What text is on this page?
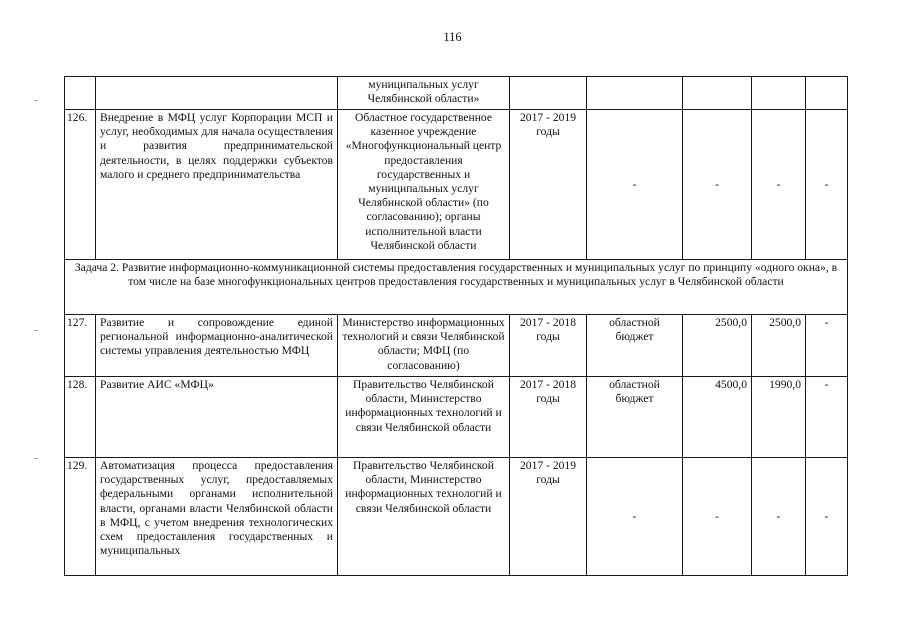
116
		муниципальных услуг Челябинской области»					
126.	Внедрение в МФЦ услуг Корпорации МСП и услуг, необходимых для начала осуществления и развития предпринимательской деятельности, в целях поддержки субъектов малого и среднего предпринимательства	Областное государственное казенное учреждение «Многофункциональный центр предоставления государственных и муниципальных услуг Челябинской области» (по согласованию); органы исполнительной власти Челябинской области	2017 - 2019 годы	-	-	-	-
Задача 2. Развитие информационно-коммуникационной системы предоставления государственных и муниципальных услуг по принципу «одного окна», в том числе на базе многофункциональных центров предоставления государственных и муниципальных услуг в Челябинской области							
127.	Развитие и сопровождение единой региональной информационно-аналитической системы управления деятельностью МФЦ	Министерство информационных технологий и связи Челябинской области; МФЦ (по согласованию)	2017 - 2018 годы	областной бюджет	2500,0	2500,0	-
128.	Развитие АИС «МФЦ»	Правительство Челябинской области, Министерство информационных технологий и связи Челябинской области	2017 - 2018 годы	областной бюджет	4500,0	1990,0	-
129.	Автоматизация процесса предоставления государственных услуг, предоставляемых федеральными органами исполнительной власти, органами власти Челябинской области в МФЦ, с учетом внедрения технологических схем предоставления государственных и муниципальных	Правительство Челябинской области, Министерство информационных технологий и связи Челябинской области	2017 - 2019 годы	-	-	-	-
